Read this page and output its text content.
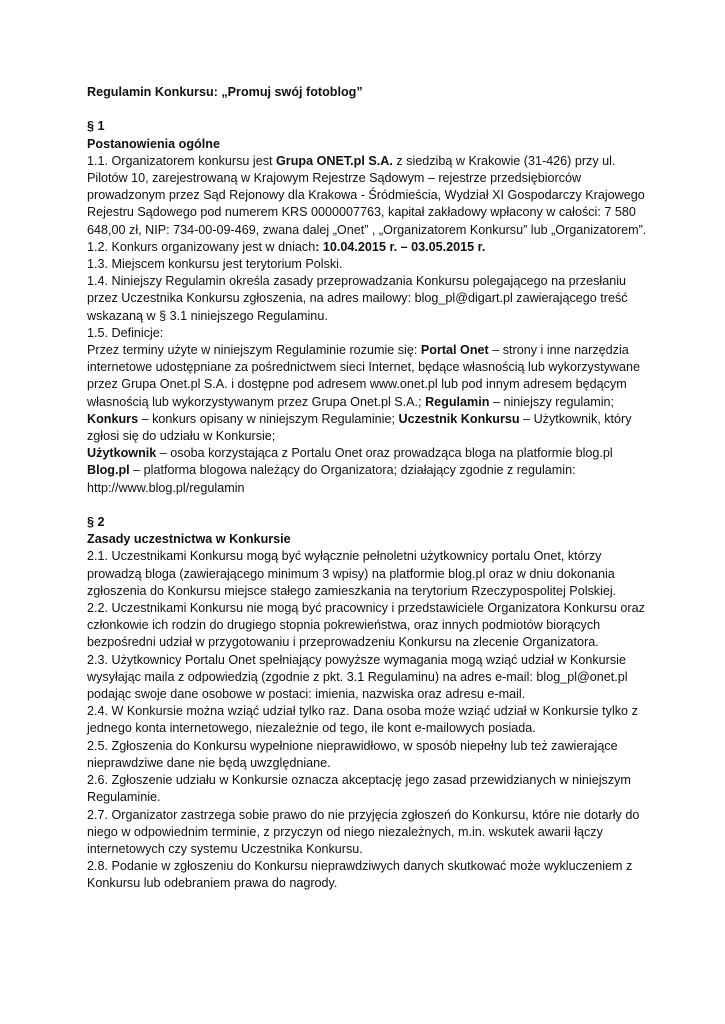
Regulamin Konkursu: „Promuj swój fotoblog”

§ 1

Postanowienia ogólne

1.1. Organizatorem konkursu jest Grupa ONET.pl S.A. z siedzibą w Krakowie (31-426) przy ul. Pilotów 10, zarejestrowaną w Krajowym Rejestrze Sądowym – rejestrze przedsiębiorców prowadzonym przez Sąd Rejonowy dla Krakowa - Śródmieścia, Wydział XI Gospodarczy Krajowego Rejestru Sądowego pod numerem KRS 0000007763, kapitał zakładowy wpłacony w całości: 7 580 648,00 zł, NIP: 734-00-09-469, zwana dalej „Onet” , „Organizatorem Konkursu” lub „Organizatorem”.

1.2. Konkurs organizowany jest w dniach: 10.04.2015 r. – 03.05.2015 r.

1.3. Miejscem konkursu jest terytorium Polski.

1.4. Niniejszy Regulamin określa zasady przeprowadzania Konkursu polegającego na przesłaniu przez Uczestnika Konkursu zgłoszenia, na adres mailowy: blog_pl@digart.pl zawierającego treść wskazaną w § 3.1 niniejszego Regulaminu.

1.5. Definicje:

Przez terminy użyte w niniejszym Regulaminie rozumie się: Portal Onet – strony i inne narzędzia internetowe udostępniane za pośrednictwem sieci Internet, będące własnością lub wykorzystywane przez Grupa Onet.pl S.A. i dostępne pod adresem www.onet.pl lub pod innym adresem będącym własnością lub wykorzystywanym przez Grupa Onet.pl S.A.; Regulamin – niniejszy regulamin; Konkurs – konkurs opisany w niniejszym Regulaminie; Uczestnik Konkursu – Użytkownik, który zgłosi się do udziału w Konkursie;

Użytkownik – osoba korzystająca z Portalu Onet oraz prowadząca bloga na platformie blog.pl

Blog.pl – platforma blogowa należący do Organizatora; działający zgodnie z regulamin: http://www.blog.pl/regulamin

§ 2

Zasady uczestnictwa w Konkursie

2.1. Uczestnikami Konkursu mogą być wyłącznie pełnoletni użytkownicy portalu Onet, którzy prowadzą bloga (zawierającego minimum 3 wpisy) na platformie blog.pl oraz w dniu dokonania zgłoszenia do Konkursu miejsce stałego zamieszkania na terytorium Rzeczypospolitej Polskiej.

2.2. Uczestnikami Konkursu nie mogą być pracownicy i przedstawiciele Organizatora Konkursu oraz członkowie ich rodzin do drugiego stopnia pokrewieństwa, oraz innych podmiotów biorących bezpośredni udział w przygotowaniu i przeprowadzeniu Konkursu na zlecenie Organizatora.

2.3. Użytkownicy Portalu Onet spełniający powyższe wymagania mogą wziąć udział w Konkursie wysyłając maila z odpowiedzią (zgodnie z pkt. 3.1 Regulaminu) na adres e-mail: blog_pl@onet.pl podając swoje dane osobowe w postaci: imienia, nazwiska oraz adresu e-mail.

2.4. W Konkursie można wziąć udział tylko raz. Dana osoba może wziąć udział w Konkursie tylko z jednego konta internetowego, niezależnie od tego, ile kont e-mailowych posiada.

2.5. Zgłoszenia do Konkursu wypełnione nieprawidłowo, w sposób niepełny lub też zawierające nieprawdziwe dane nie będą uwzględniane.

2.6. Zgłoszenie udziału w Konkursie oznacza akceptację jego zasad przewidzianych w niniejszym Regulaminie.

2.7. Organizator zastrzega sobie prawo do nie przyjęcia zgłoszeń do Konkursu, które nie dotarły do niego w odpowiednim terminie, z przyczyn od niego niezależnych, m.in. wskutek awarii łączy internetowych czy systemu Uczestnika Konkursu.

2.8. Podanie w zgłoszeniu do Konkursu nieprawdziwych danych skutkować może wykluczeniem z Konkursu lub odebraniem prawa do nagrody.
